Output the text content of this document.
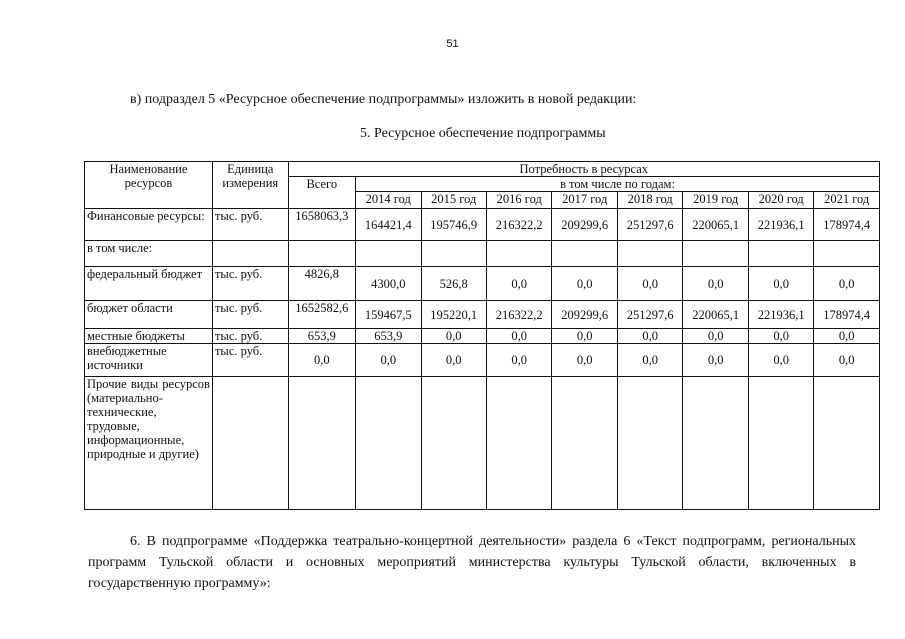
51
в) подраздел 5 «Ресурсное обеспечение подпрограммы» изложить в новой редакции:
5. Ресурсное обеспечение подпрограммы
Наименование ресурсов	Единица измерения	Потребность в ресурсах								
		Всего	в том числе по годам:							
			2014 год	2015 год	2016 год	2017 год	2018 год	2019 год	2020 год	2021 год
Финансовые ресурсы:	тыс. руб.	1658063,3	164421,4	195746,9	216322,2	209299,6	251297,6	220065,1	221936,1	178974,4
в том числе:										
федеральный бюджет	тыс. руб.	4826,8	4300,0	526,8	0,0	0,0	0,0	0,0	0,0	0,0
бюджет области	тыс. руб.	1652582,6	159467,5	195220,1	216322,2	209299,6	251297,6	220065,1	221936,1	178974,4
местные бюджеты	тыс. руб.	653,9	653,9	0,0	0,0	0,0	0,0	0,0	0,0	0,0
внебюджетные источники	тыс. руб.	0,0	0,0	0,0	0,0	0,0	0,0	0,0	0,0	0,0
Прочие виды ресурсов (материально-технические, трудовые, информационные, природные и другие)										
6. В подпрограмме «Поддержка театрально-концертной деятельности» раздела 6 «Текст подпрограмм, региональных программ Тульской области и основных мероприятий министерства культуры Тульской области, включенных в государственную программу»:
